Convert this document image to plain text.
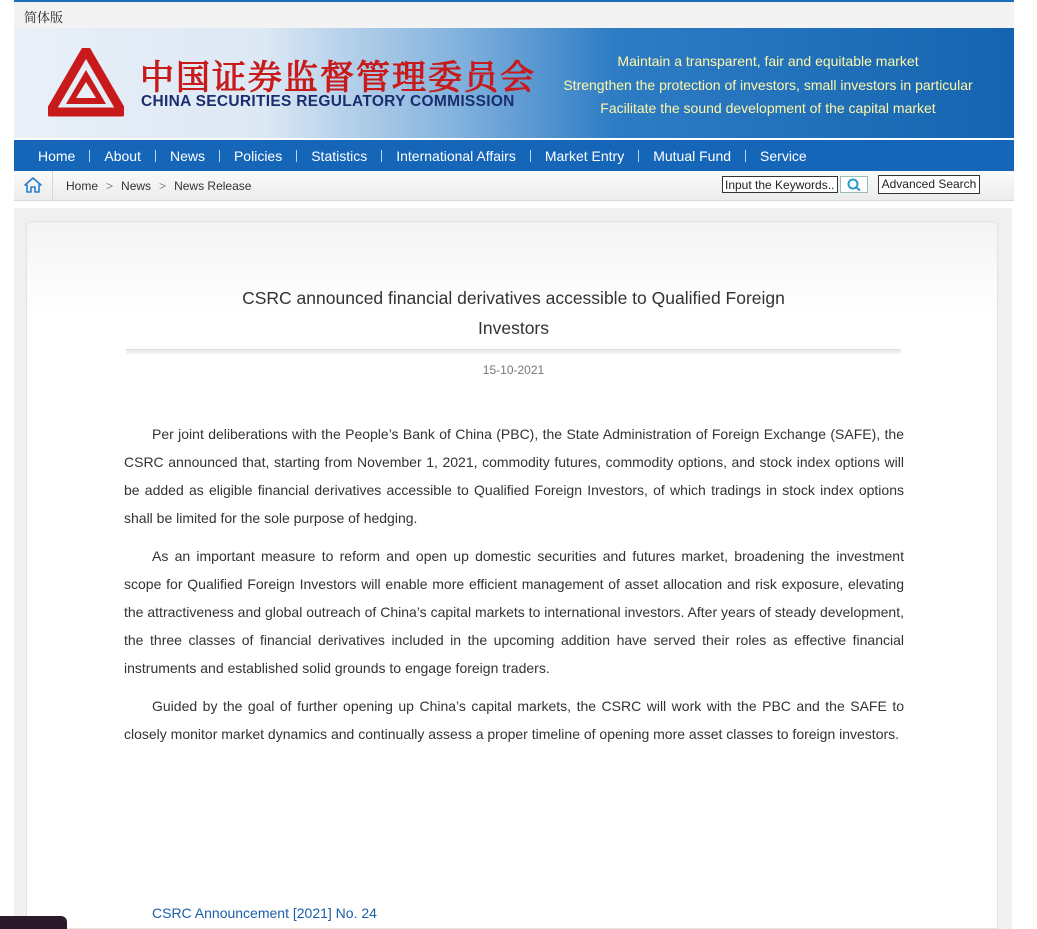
简体版
中国证券监督管理委员会
CHINA SECURITIES REGULATORY COMMISSION
Maintain a transparent, fair and equitable market
Strengthen the protection of investors, small investors in particular
Facilitate the sound development of the capital market
Home	About	News	Policies	Statistics	International Affairs	Market Entry	Mutual Fund	Service
Home > News > News Release
Input the Keywords...	Advanced Search
CSRC announced financial derivatives accessible to Qualified Foreign Investors
15-10-2021

Per joint deliberations with the People’s Bank of China (PBC), the State Administration of Foreign Exchange (SAFE), the CSRC announced that, starting from November 1, 2021, commodity futures, commodity options, and stock index options will be added as eligible financial derivatives accessible to Qualified Foreign Investors, of which tradings in stock index options shall be limited for the sole purpose of hedging.

As an important measure to reform and open up domestic securities and futures market, broadening the investment scope for Qualified Foreign Investors will enable more efficient management of asset allocation and risk exposure, elevating the attractiveness and global outreach of China’s capital markets to international investors. After years of steady development, the three classes of financial derivatives included in the upcoming addition have served their roles as effective financial instruments and established solid grounds to engage foreign traders.

Guided by the goal of further opening up China’s capital markets, the CSRC will work with the PBC and the SAFE to closely monitor market dynamics and continually assess a proper timeline of opening more asset classes to foreign investors.

CSRC Announcement [2021] No. 24
